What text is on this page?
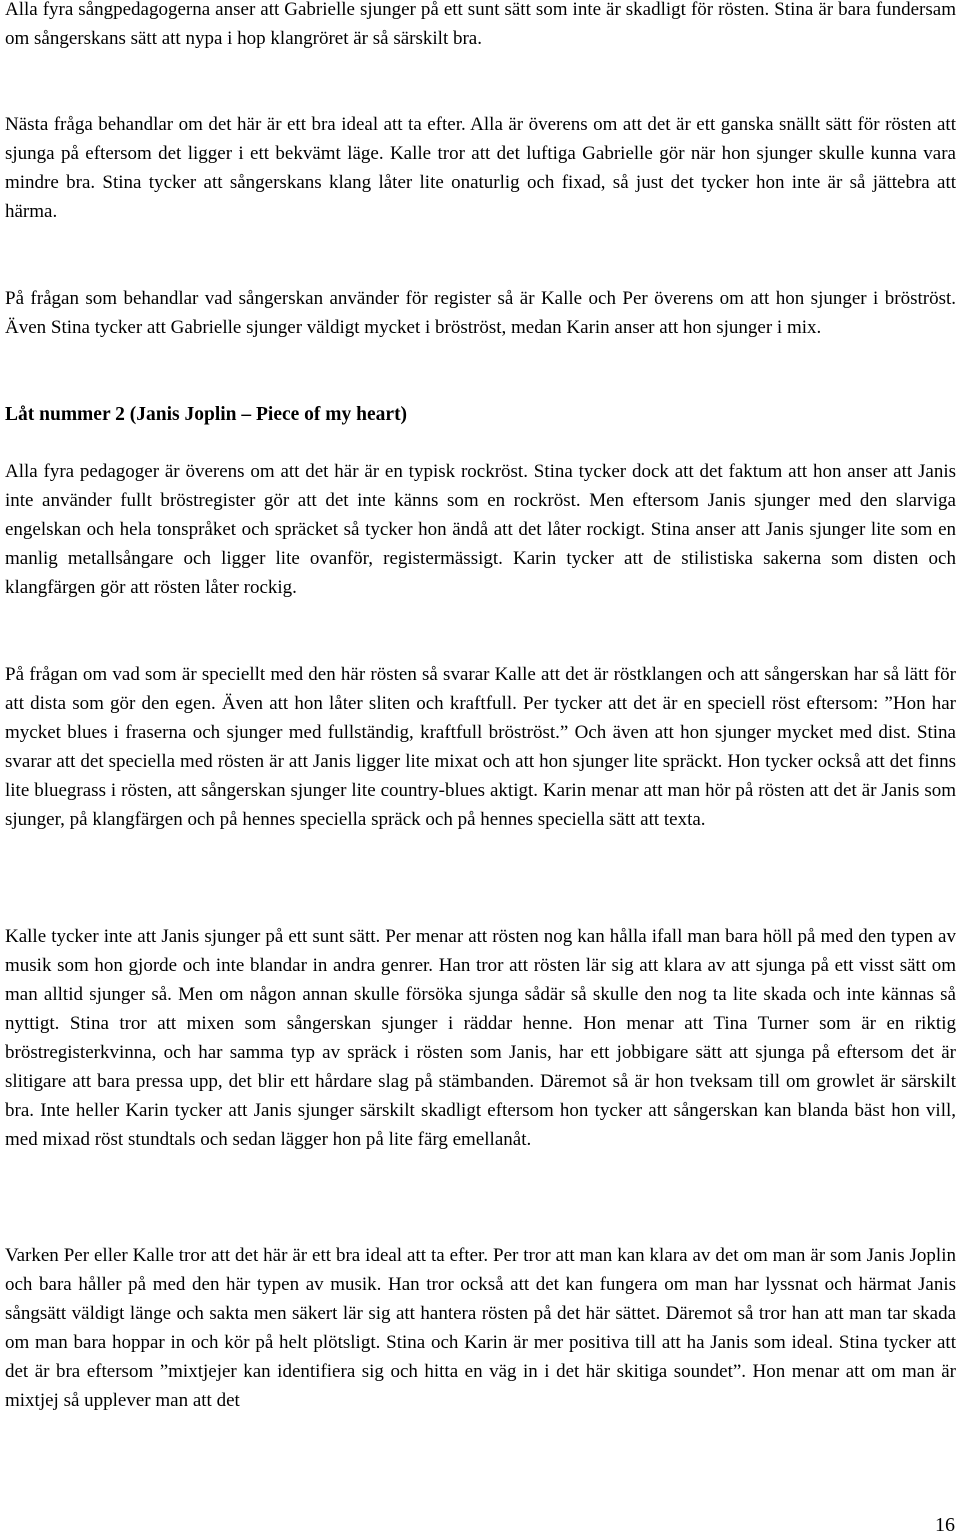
Alla fyra sångpedagogerna anser att Gabrielle sjunger på ett sunt sätt som inte är skadligt för rösten. Stina är bara fundersam om sångerskans sätt att nypa i hop klangröret är så särskilt bra.

Nästa fråga behandlar om det här är ett bra ideal att ta efter. Alla är överens om att det är ett ganska snällt sätt för rösten att sjunga på eftersom det ligger i ett bekvämt läge. Kalle tror att det luftiga Gabrielle gör när hon sjunger skulle kunna vara mindre bra. Stina tycker att sångerskans klang låter lite onaturlig och fixad, så just det tycker hon inte är så jättebra att härma.

På frågan som behandlar vad sångerskan använder för register så är Kalle och Per överens om att hon sjunger i bröströst. Även Stina tycker att Gabrielle sjunger väldigt mycket i bröströst, medan Karin anser att hon sjunger i mix.

Låt nummer 2 (Janis Joplin – Piece of my heart)

Alla fyra pedagoger är överens om att det här är en typisk rockröst. Stina tycker dock att det faktum att hon anser att Janis inte använder fullt bröstregister gör att det inte känns som en rockröst. Men eftersom Janis sjunger med den slarviga engelskan och hela tonspråket och spräcket så tycker hon ändå att det låter rockigt. Stina anser att Janis sjunger lite som en manlig metallsångare och ligger lite ovanför, registermässigt. Karin tycker att de stilistiska sakerna som disten och klangfärgen gör att rösten låter rockig.

På frågan om vad som är speciellt med den här rösten så svarar Kalle att det är röstklangen och att sångerskan har så lätt för att dista som gör den egen. Även att hon låter sliten och kraftfull. Per tycker att det är en speciell röst eftersom: ”Hon har mycket blues i fraserna och sjunger med fullständig, kraftfull bröströst.” Och även att hon sjunger mycket med dist. Stina svarar att det speciella med rösten är att Janis ligger lite mixat och att hon sjunger lite spräckt. Hon tycker också att det finns lite bluegrass i rösten, att sångerskan sjunger lite country-blues aktigt. Karin menar att man hör på rösten att det är Janis som sjunger, på klangfärgen och på hennes speciella spräck och på hennes speciella sätt att texta.

Kalle tycker inte att Janis sjunger på ett sunt sätt. Per menar att rösten nog kan hålla ifall man bara höll på med den typen av musik som hon gjorde och inte blandar in andra genrer. Han tror att rösten lär sig att klara av att sjunga på ett visst sätt om man alltid sjunger så. Men om någon annan skulle försöka sjunga sådär så skulle den nog ta lite skada och inte kännas så nyttigt. Stina tror att mixen som sångerskan sjunger i räddar henne. Hon menar att Tina Turner som är en riktig bröstregisterkvinna, och har samma typ av spräck i rösten som Janis, har ett jobbigare sätt att sjunga på eftersom det är slitigare att bara pressa upp, det blir ett hårdare slag på stämbanden. Däremot så är hon tveksam till om growlet är särskilt bra. Inte heller Karin tycker att Janis sjunger särskilt skadligt eftersom hon tycker att sångerskan kan blanda bäst hon vill, med mixad röst stundtals och sedan lägger hon på lite färg emellanåt.

Varken Per eller Kalle tror att det här är ett bra ideal att ta efter. Per tror att man kan klara av det om man är som Janis Joplin och bara håller på med den här typen av musik. Han tror också att det kan fungera om man har lyssnat och härmat Janis sångsätt väldigt länge och sakta men säkert lär sig att hantera rösten på det här sättet. Däremot så tror han att man tar skada om man bara hoppar in och kör på helt plötsligt. Stina och Karin är mer positiva till att ha Janis som ideal. Stina tycker att det är bra eftersom ”mixtjejer kan identifiera sig och hitta en väg in i det här skitiga soundet”. Hon menar att om man är mixtjej så upplever man att det

16
